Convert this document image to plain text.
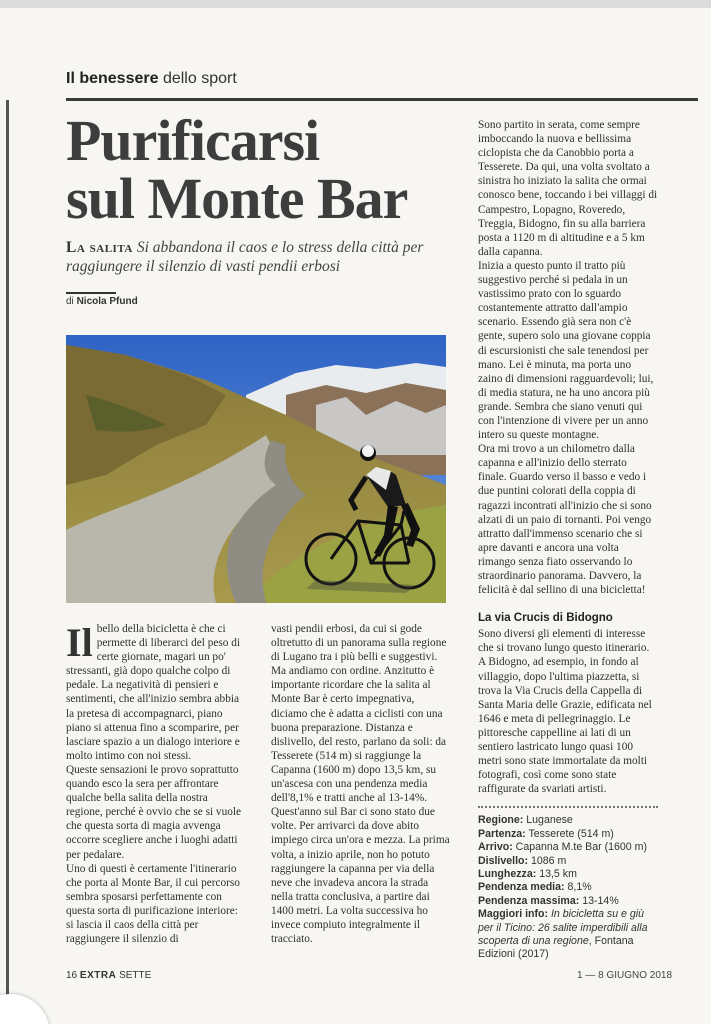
Il benessere dello sport
Purificarsi
sul Monte Bar
La salita Si abbandona il caos e lo stress della città per raggiungere il silenzio di vasti pendii erbosi
di Nicola Pfund

Il bello della bicicletta è che ci permette di liberarci del peso di certe giornate, magari un po' stressanti, già dopo qualche colpo di pedale. La negatività di pensieri e sentimenti, che all'inizio sembra abbia la pretesa di accompagnarci, piano piano si attenua fino a scomparire, per lasciare spazio a un dialogo interiore e molto intimo con noi stessi.

Queste sensazioni le provo soprattutto quando esco la sera per affrontare qualche bella salita della nostra regione, perché è ovvio che se si vuole che questa sorta di magia avvenga occorre scegliere anche i luoghi adatti per pedalare.

Uno di questi è certamente l'itinerario che porta al Monte Bar, il cui percorso sembra sposarsi perfettamente con questa sorta di purificazione interiore: si lascia il caos della città per raggiungere il silenzio di

vasti pendii erbosi, da cui si gode oltretutto di un panorama sulla regione di Lugano tra i più belli e suggestivi.

Ma andiamo con ordine. Anzitutto è importante ricordare che la salita al Monte Bar è certo impegnativa, diciamo che è adatta a ciclisti con una buona preparazione. Distanza e dislivello, del resto, parlano da soli: da Tesserete (514 m) si raggiunge la Capanna (1600 m) dopo 13,5 km, su un'ascesa con una pendenza media dell'8,1% e tratti anche al 13-14%.

Quest'anno sul Bar ci sono stato due volte. Per arrivarci da dove abito impiego circa un'ora e mezza. La prima volta, a inizio aprile, non ho potuto raggiungere la capanna per via della neve che invadeva ancora la strada nella tratta conclusiva, a partire dai 1400 metri. La volta successiva ho invece compiuto integralmente il tracciato.

Sono partito in serata, come sempre imboccando la nuova e bellissima ciclopista che da Canobbio porta a Tesserete. Da qui, una volta svoltato a sinistra ho iniziato la salita che ormai conosco bene, toccando i bei villaggi di Campestro, Lopagno, Roveredo, Treggia, Bidogno, fin su alla barriera posta a 1120 m di altitudine e a 5 km dalla capanna.

Inizia a questo punto il tratto più suggestivo perché si pedala in un vastissimo prato con lo sguardo costantemente attratto dall'ampio scenario. Essendo già sera non c'è gente, supero solo una giovane coppia di escursionisti che sale tenendosi per mano. Lei è minuta, ma porta uno zaino di dimensioni ragguardevoli; lui, di media statura, ne ha uno ancora più grande. Sembra che siano venuti qui con l'intenzione di vivere per un anno intero su queste montagne.

Ora mi trovo a un chilometro dalla capanna e all'inizio dello sterrato finale. Guardo verso il basso e vedo i due puntini colorati della coppia di ragazzi incontrati all'inizio che si sono alzati di un paio di tornanti. Poi vengo attratto dall'immenso scenario che si apre davanti e ancora una volta rimango senza fiato osservando lo straordinario panorama. Davvero, la felicità è dal sellino di una bicicletta!

La via Crucis di Bidogno

Sono diversi gli elementi di interesse che si trovano lungo questo itinerario. A Bidogno, ad esempio, in fondo al villaggio, dopo l'ultima piazzetta, si trova la Via Crucis della Cappella di Santa Maria delle Grazie, edificata nel 1646 e meta di pellegrinaggio. Le pittoresche cappelline ai lati di un sentiero lastricato lungo quasi 100 metri sono state immortalate da molti fotografi, così come sono state raffigurate da svariati artisti.

Regione: Luganese
Partenza: Tesserete (514 m)
Arrivo: Capanna M.te Bar (1600 m)
Dislivello: 1086 m
Lunghezza: 13,5 km
Pendenza media: 8,1%
Pendenza massima: 13-14%
Maggiori info: In bicicletta su e giù per il Ticino: 26 salite imperdibili alla scoperta di una regione, Fontana Edizioni (2017)
16 EXTRA SETTE	1 — 8 GIUGNO 2018
